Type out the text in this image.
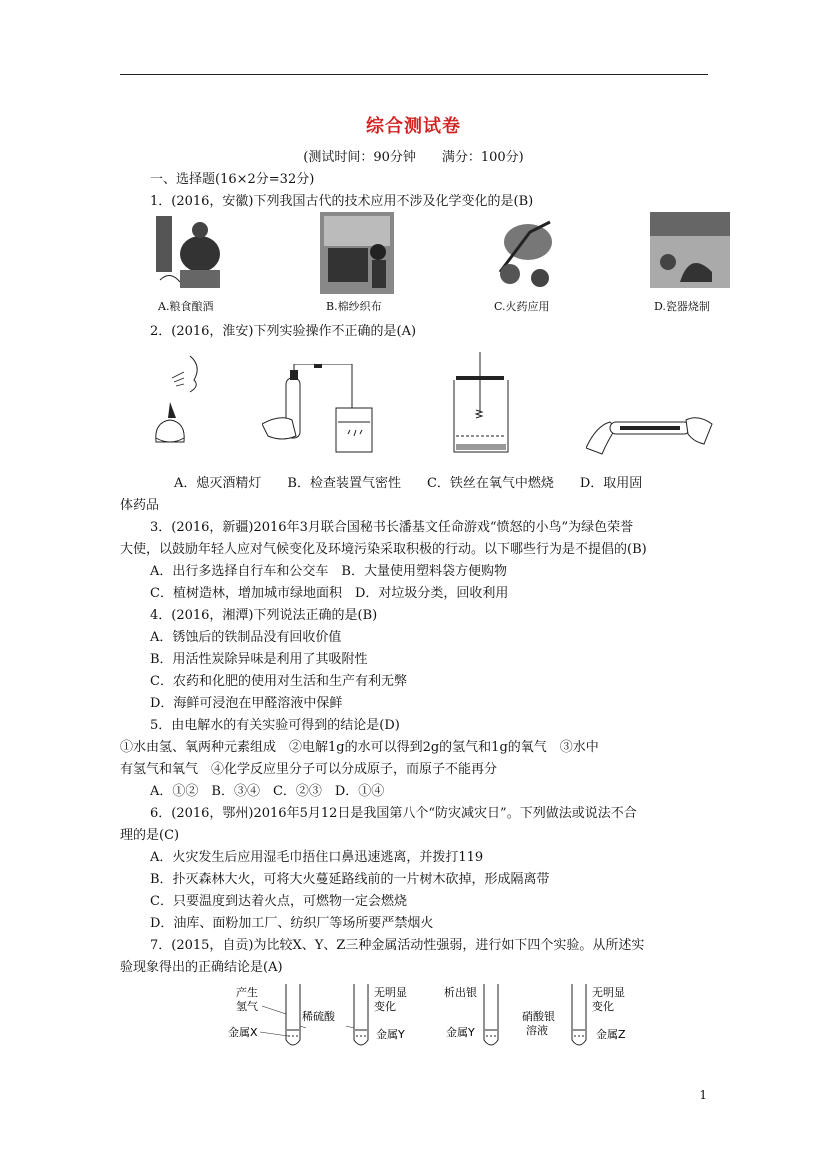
综合测试卷
(测试时间：90分钟　　满分：100分)
一、选择题(16×2分=32分)
1．(2016，安徽)下列我国古代的技术应用不涉及化学变化的是(B)
A.粮食酿酒	B.棉纱织布	C.火药应用	D.瓷器烧制
2．(2016，淮安)下列实验操作不正确的是(A)
A．熄灭酒精灯　　B．检查装置气密性　　C．铁丝在氧气中燃烧　　D．取用固
体药品
3．(2016，新疆)2016年3月联合国秘书长潘基文任命游戏“愤怒的小鸟”为绿色荣誉
大使，以鼓励年轻人应对气候变化及环境污染采取积极的行动。以下哪些行为是不提倡的(B)
A．出行多选择自行车和公交车　B．大量使用塑料袋方便购物
C．植树造林，增加城市绿地面积　D．对垃圾分类，回收利用
4．(2016，湘潭)下列说法正确的是(B)
A．锈蚀后的铁制品没有回收价值
B．用活性炭除异味是利用了其吸附性
C．农药和化肥的使用对生活和生产有利无弊
D．海鲜可浸泡在甲醛溶液中保鲜
5．由电解水的有关实验可得到的结论是(D)
①水由氢、氧两种元素组成　②电解1g的水可以得到2g的氢气和1g的氧气　③水中
有氢气和氧气　④化学反应里分子可以分成原子，而原子不能再分
A．①②　B．③④　C．②③　D．①④
6．(2016，鄂州)2016年5月12日是我国第八个“防灾减灾日”。下列做法或说法不合
理的是(C)
A．火灾发生后应用湿毛巾捂住口鼻迅速逃离，并拨打119
B．扑灭森林大火，可将大火蔓延路线前的一片树木砍掉，形成隔离带
C．只要温度到达着火点，可燃物一定会燃烧
D．油库、面粉加工厂、纺织厂等场所要严禁烟火
7．(2015，自贡)为比较X、Y、Z三种金属活动性强弱，进行如下四个实验。从所述实
验现象得出的正确结论是(A)
产生
氢气
金属X
稀硫酸
无明显
变化
金属Y
析出银
金属Y
硝酸银
溶液
无明显
变化
金属Z
1
